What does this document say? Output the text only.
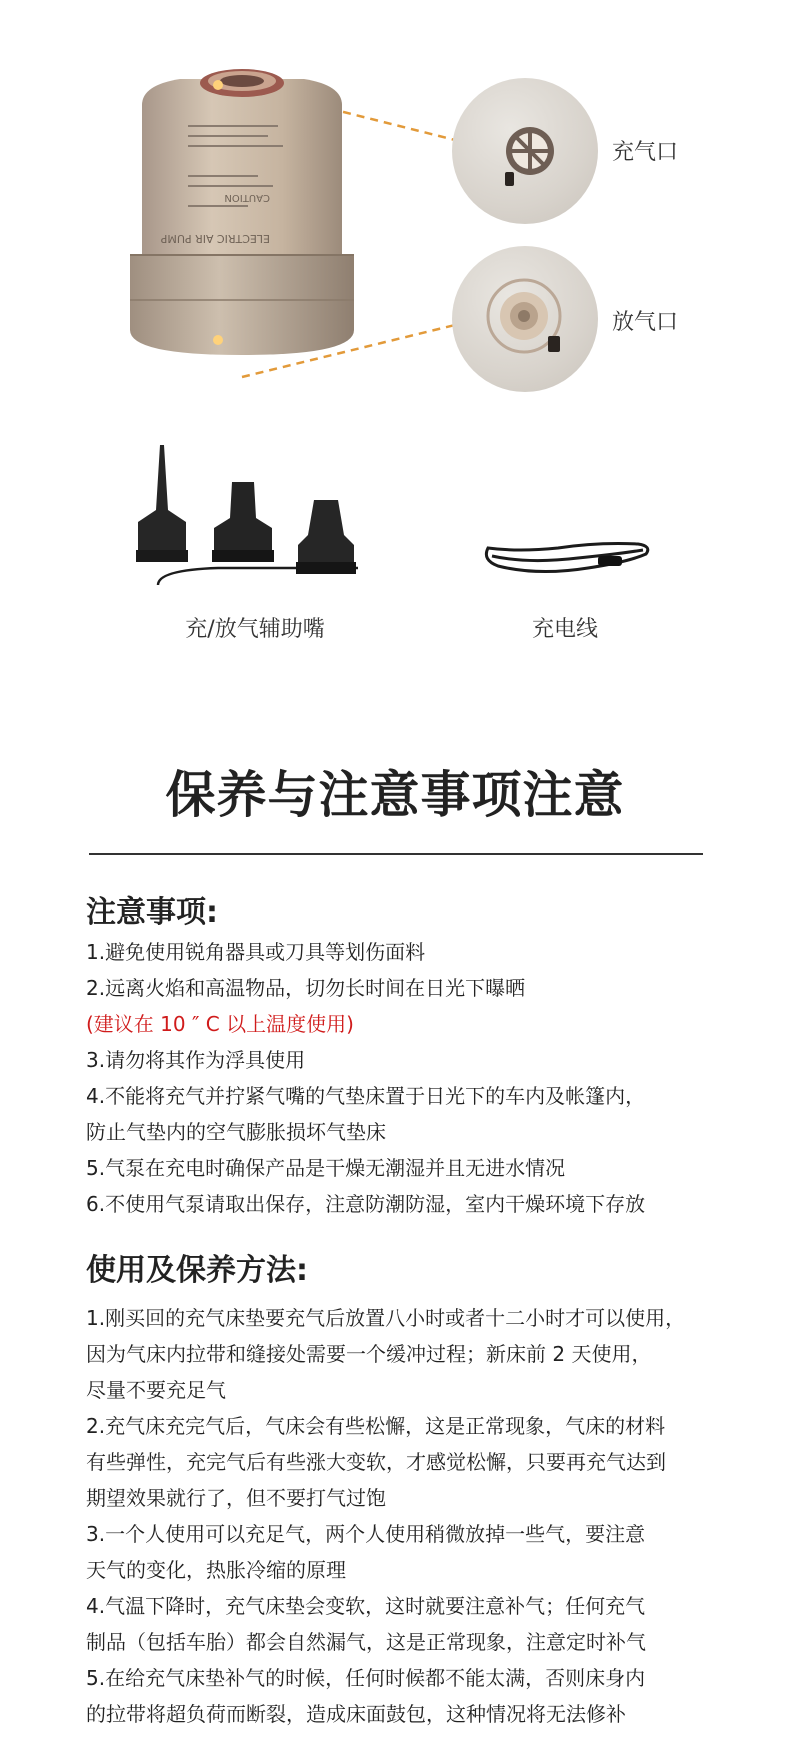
ELECTRIC AIR PUMP
CAUTION
充气口
放气口
充/放气辅助嘴	充电线
保养与注意事项注意
注意事项:
1.避免使用锐角器具或刀具等划伤面料
2.远离火焰和高温物品，切勿长时间在日光下曝晒
(建议在 10 ″ C 以上温度使用)
3.请勿将其作为浮具使用
4.不能将充气并拧紧气嘴的气垫床置于日光下的车内及帐篷内，
防止气垫内的空气膨胀损坏气垫床
5.气泵在充电时确保产品是干燥无潮湿并且无进水情况
6.不使用气泵请取出保存，注意防潮防湿，室内干燥环境下存放
使用及保养方法:
1.刚买回的充气床垫要充气后放置八小时或者十二小时才可以使用，
因为气床内拉带和缝接处需要一个缓冲过程；新床前 2 天使用，
尽量不要充足气
2.充气床充完气后，气床会有些松懈，这是正常现象，气床的材料
有些弹性，充完气后有些涨大变软，才感觉松懈，只要再充气达到
期望效果就行了，但不要打气过饱
3.一个人使用可以充足气，两个人使用稍微放掉一些气，要注意
天气的变化，热胀冷缩的原理
4.气温下降时，充气床垫会变软，这时就要注意补气；任何充气
制品（包括车胎）都会自然漏气，这是正常现象，注意定时补气
5.在给充气床垫补气的时候，任何时候都不能太满，否则床身内
的拉带将超负荷而断裂，造成床面鼓包，这种情况将无法修补
